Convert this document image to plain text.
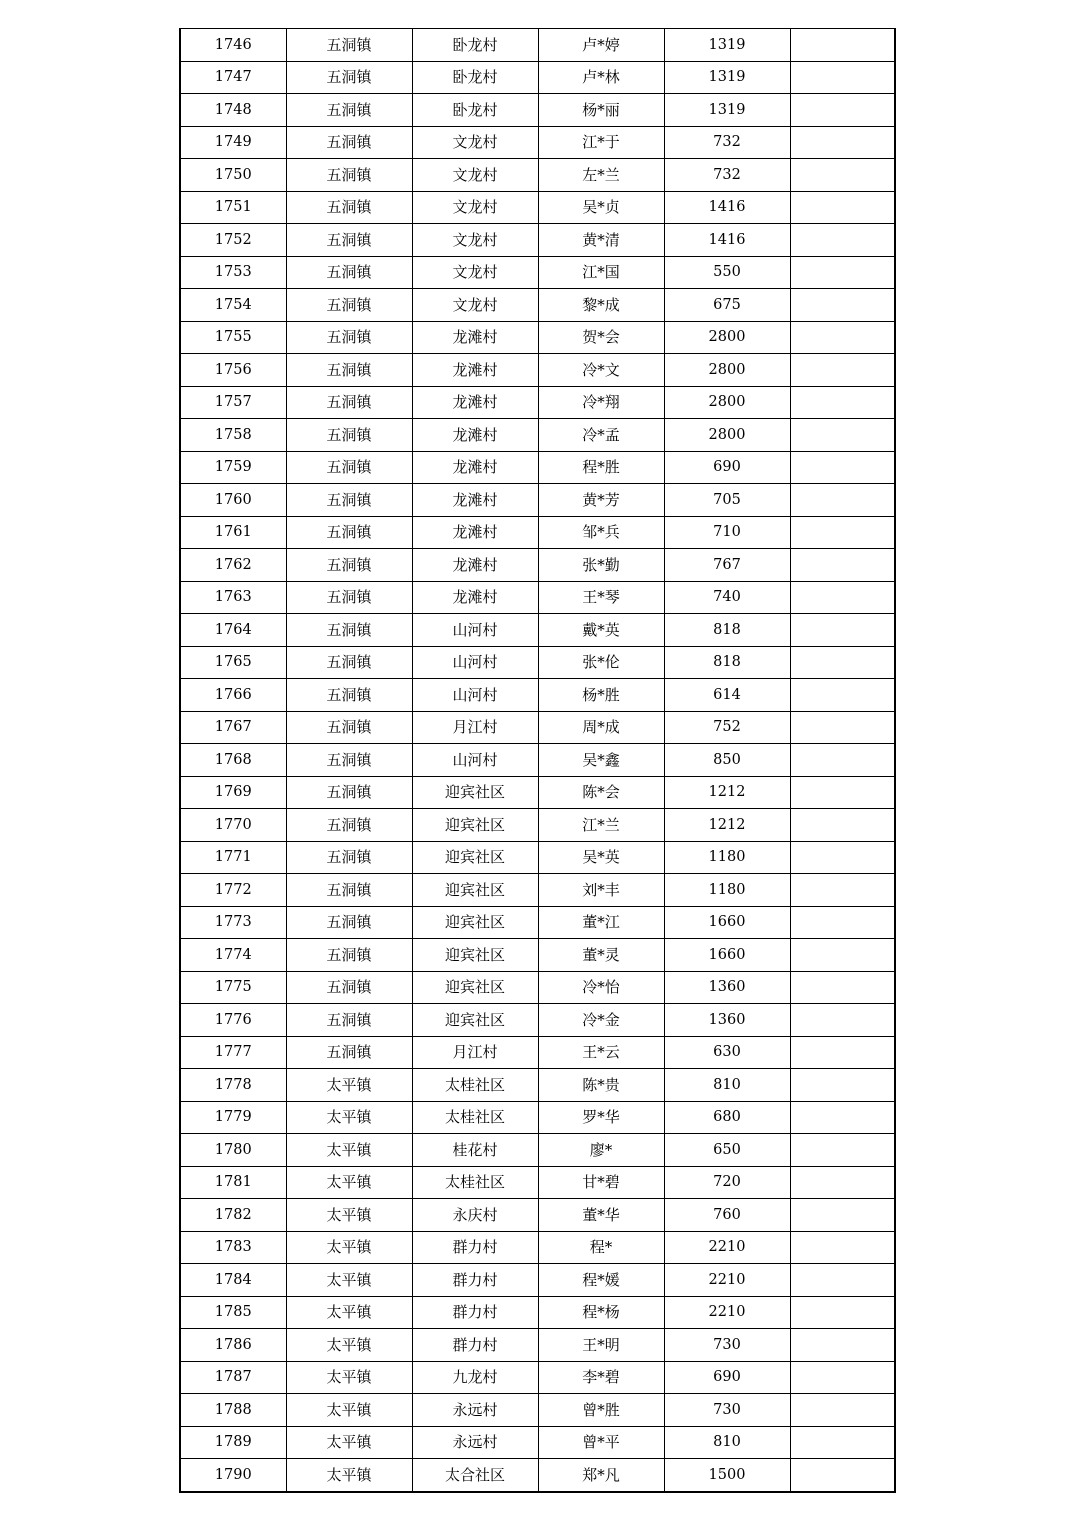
1746	五洞镇	卧龙村	卢*婷	1319	
1747	五洞镇	卧龙村	卢*林	1319	
1748	五洞镇	卧龙村	杨*丽	1319	
1749	五洞镇	文龙村	江*于	732	
1750	五洞镇	文龙村	左*兰	732	
1751	五洞镇	文龙村	吴*贞	1416	
1752	五洞镇	文龙村	黄*清	1416	
1753	五洞镇	文龙村	江*国	550	
1754	五洞镇	文龙村	黎*成	675	
1755	五洞镇	龙滩村	贺*会	2800	
1756	五洞镇	龙滩村	冷*文	2800	
1757	五洞镇	龙滩村	冷*翔	2800	
1758	五洞镇	龙滩村	冷*孟	2800	
1759	五洞镇	龙滩村	程*胜	690	
1760	五洞镇	龙滩村	黄*芳	705	
1761	五洞镇	龙滩村	邹*兵	710	
1762	五洞镇	龙滩村	张*勤	767	
1763	五洞镇	龙滩村	王*琴	740	
1764	五洞镇	山河村	戴*英	818	
1765	五洞镇	山河村	张*伦	818	
1766	五洞镇	山河村	杨*胜	614	
1767	五洞镇	月江村	周*成	752	
1768	五洞镇	山河村	吴*鑫	850	
1769	五洞镇	迎宾社区	陈*会	1212	
1770	五洞镇	迎宾社区	江*兰	1212	
1771	五洞镇	迎宾社区	吴*英	1180	
1772	五洞镇	迎宾社区	刘*丰	1180	
1773	五洞镇	迎宾社区	董*江	1660	
1774	五洞镇	迎宾社区	董*灵	1660	
1775	五洞镇	迎宾社区	冷*怡	1360	
1776	五洞镇	迎宾社区	冷*金	1360	
1777	五洞镇	月江村	王*云	630	
1778	太平镇	太桂社区	陈*贵	810	
1779	太平镇	太桂社区	罗*华	680	
1780	太平镇	桂花村	廖*	650	
1781	太平镇	太桂社区	甘*碧	720	
1782	太平镇	永庆村	董*华	760	
1783	太平镇	群力村	程*	2210	
1784	太平镇	群力村	程*媛	2210	
1785	太平镇	群力村	程*杨	2210	
1786	太平镇	群力村	王*明	730	
1787	太平镇	九龙村	李*碧	690	
1788	太平镇	永远村	曾*胜	730	
1789	太平镇	永远村	曾*平	810	
1790	太平镇	太合社区	郑*凡	1500	
